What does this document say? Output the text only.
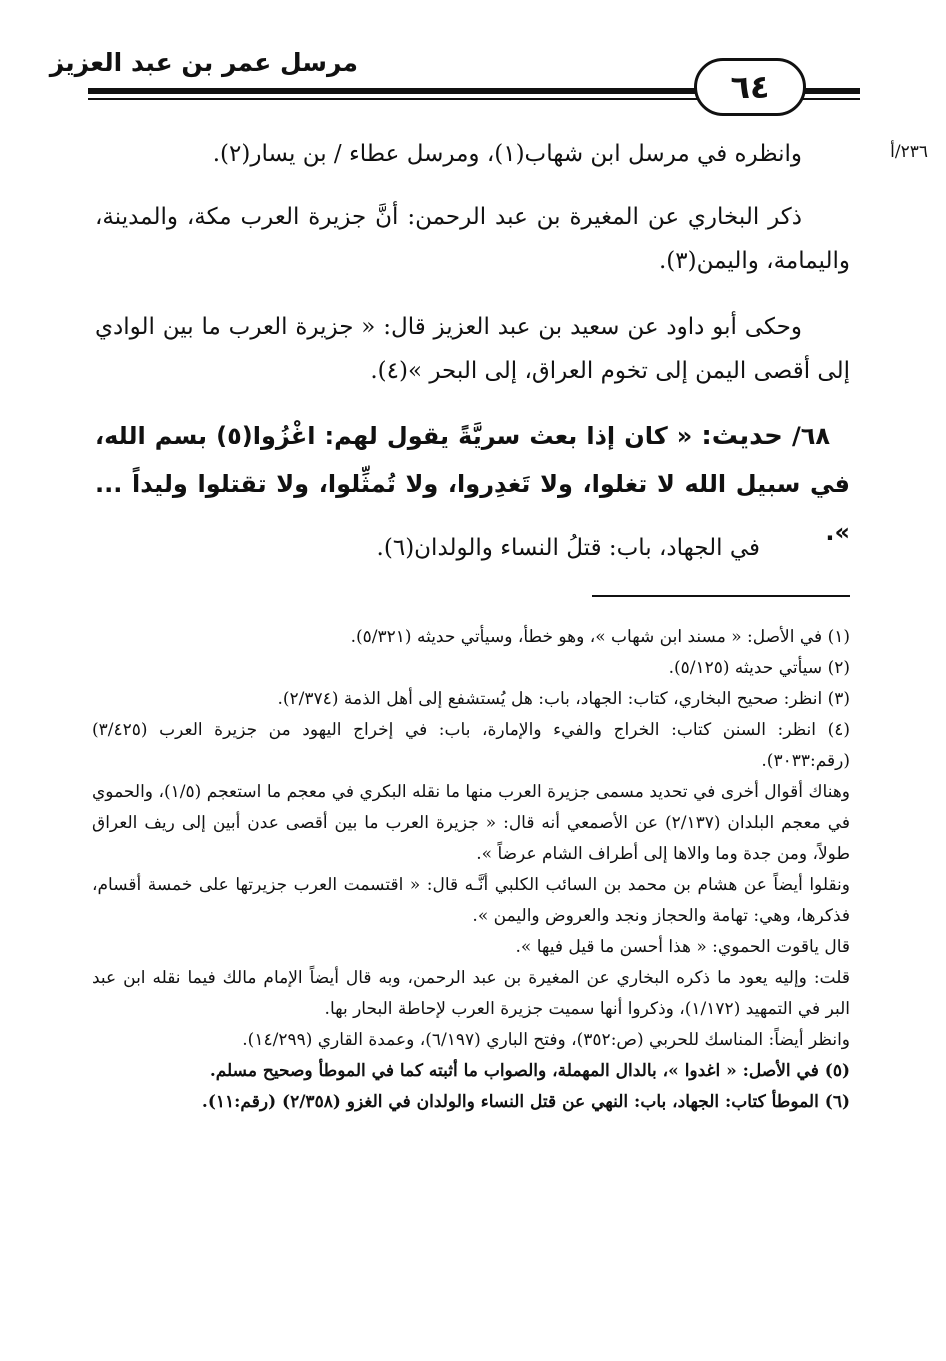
مرسل عمر بن عبد العزيز
٦٤
٢٣٦/أ

وانظره في مرسل ابن شهاب(١)، ومرسل عطاء / بن يسار(٢).

ذكر البخاري عن المغيرة بن عبد الرحمن: أنَّ جزيرة العرب مكة، والمدينة، واليمامة، واليمن(٣).

وحكى أبو داود عن سعيد بن عبد العزيز قال: « جزيرة العرب ما بين الوادي إلى أقصى اليمن إلى تخوم العراق، إلى البحر »(٤).

٦٨/ حديث: « كان إذا بعث سريَّةً يقول لهم: اغْزُوا(٥) بسم الله، في سبيل الله لا تغلوا، ولا تَغدِروا، ولا تُمثِّلوا، ولا تقتلوا وليداً ... ».

في الجهاد، باب: قتلُ النساء والولدان(٦).

(١) في الأصل: « مسند ابن شهاب »، وهو خطأ، وسيأتي حديثه (٥/٣٢١).

(٢) سيأتي حديثه (٥/١٢٥).

(٣) انظر: صحيح البخاري، كتاب: الجهاد، باب: هل يُستشفع إلى أهل الذمة (٢/٣٧٤).

(٤) انظر: السنن كتاب: الخراج والفيء والإمارة، باب: في إخراج اليهود من جزيرة العرب (٣/٤٢٥) (رقم:٣٠٣٣).

وهناك أقوال أخرى في تحديد مسمى جزيرة العرب منها ما نقله البكري في معجم ما استعجم (١/٥)، والحموي في معجم البلدان (٢/١٣٧) عن الأصمعي أنه قال: « جزيرة العرب ما بين أقصى عدن أبين إلى ريف العراق طولاً، ومن جدة وما والاها إلى أطراف الشام عرضاً ».

ونقلوا أيضاً عن هشام بن محمد بن السائب الكلبي أنَّـه قال: « اقتسمت العرب جزيرتها على خمسة أقسام، فذكرها، وهي: تهامة والحجاز ونجد والعروض واليمن ».

قال ياقوت الحموي: « هذا أحسن ما قيل فيها ».

قلت: وإليه يعود ما ذكره البخاري عن المغيرة بن عبد الرحمن، وبه قال أيضاً الإمام مالك فيما نقله ابن عبد البر في التمهيد (١/١٧٢)، وذكروا أنها سميت جزيرة العرب لإحاطة البحار بها.

وانظر أيضاً: المناسك للحربي (ص:٣٥٢)، وفتح الباري (٦/١٩٧)، وعمدة القاري (١٤/٢٩٩).

(٥) في الأصل: « اغدوا »، بالدال المهملة، والصواب ما أثبته كما في الموطأ وصحيح مسلم.

(٦) الموطأ كتاب: الجهاد، باب: النهي عن قتل النساء والولدان في الغزو (٢/٣٥٨) (رقم:١١).
